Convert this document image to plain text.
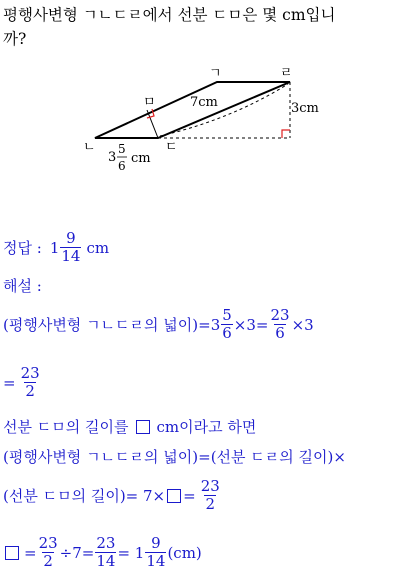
평행사변형 ㄱㄴㄷㄹ에서 선분 ㄷㅁ은 몇 cm입니
까?
ㄱ	ㄹ
ㅁ
ㄴ	ㄷ
7cm	3cm
3
5
6 cm
정답 : $1 \frac{9}{14}$ cm
해설 :
(평행사변형 ㄱㄴㄷㄹ의 넓이)$=3 \frac{5}{6} \times 3= \frac{23}{6} \times 3$
= $\frac{23}{2}$
선분 ㄷㅁ의 길이를 cm이라고 하면
(평행사변형 ㄱㄴㄷㄹ의 넓이)=(선분 ㄷㄹ의 길이)×
(선분 ㄷㅁ의 길이)= $7\times = \frac{23}{2}$
= $\frac{23}{2} \div 7= \frac{23}{14} = 1 \frac{9}{14} (cm)$
